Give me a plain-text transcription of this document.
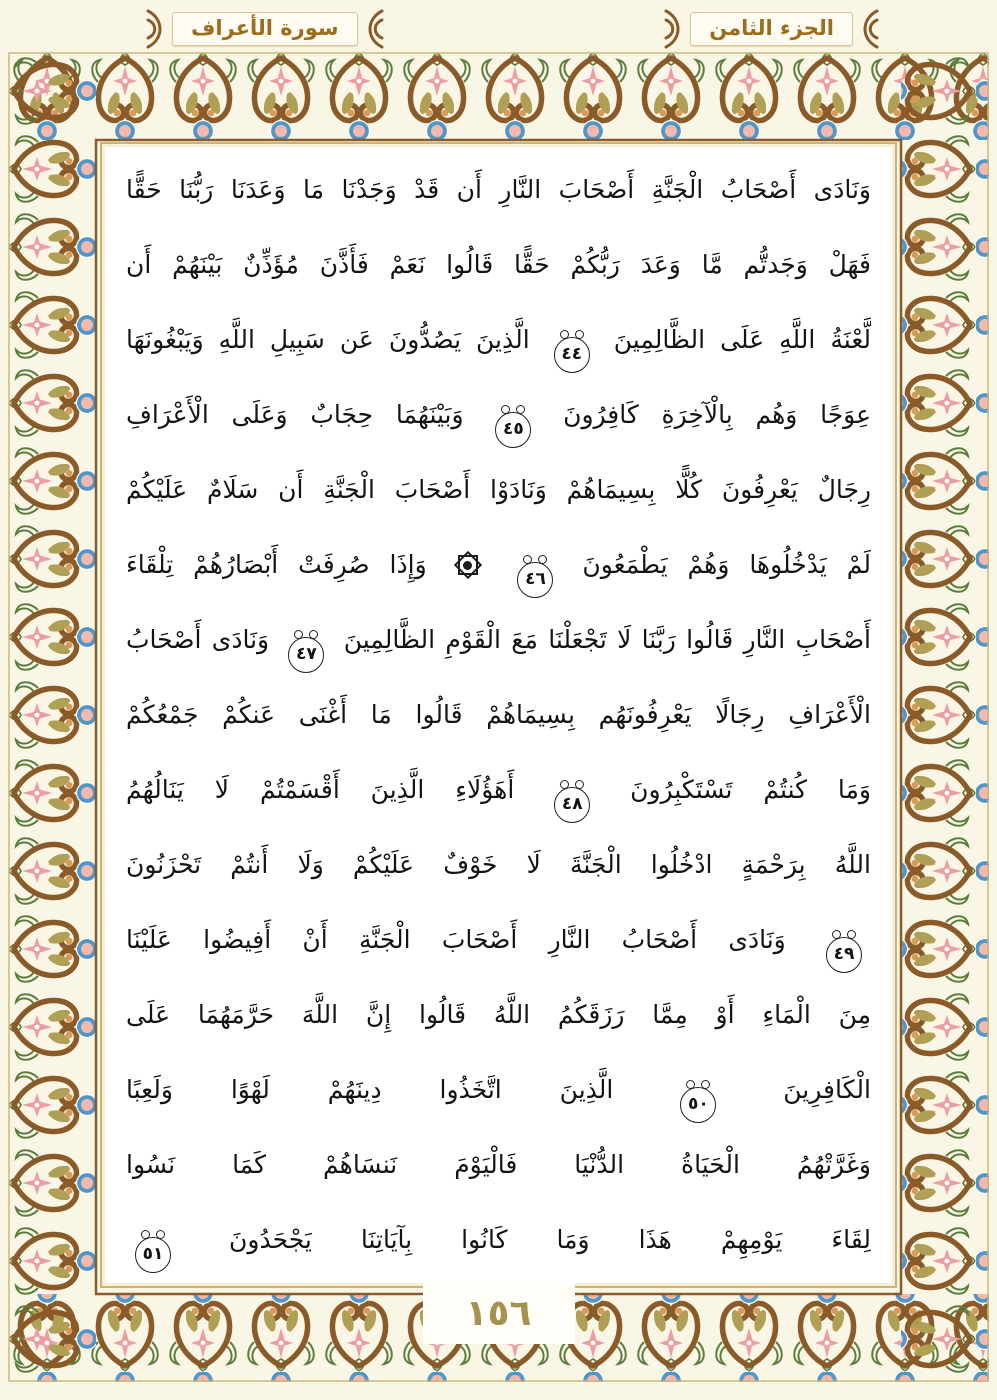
الجزء الثامن
سورة الأعراف
وَنَادَى أَصْحَابُ الْجَنَّةِ أَصْحَابَ النَّارِ أَن قَدْ وَجَدْنَا مَا وَعَدَنَا رَبُّنَا حَقًّا
فَهَلْ وَجَدتُّم مَّا وَعَدَ رَبُّكُمْ حَقًّا قَالُوا نَعَمْ فَأَذَّنَ مُؤَذِّنٌ بَيْنَهُمْ أَن
لَّعْنَةُ اللَّهِ عَلَى الظَّالِمِينَ
٤٤
الَّذِينَ يَصُدُّونَ عَن سَبِيلِ اللَّهِ وَيَبْغُونَهَا
عِوَجًا وَهُم بِالْآخِرَةِ كَافِرُونَ
٤٥
وَبَيْنَهُمَا حِجَابٌ وَعَلَى الْأَعْرَافِ
رِجَالٌ يَعْرِفُونَ كُلًّا بِسِيمَاهُمْ وَنَادَوْا أَصْحَابَ الْجَنَّةِ أَن سَلَامٌ عَلَيْكُمْ
لَمْ يَدْخُلُوهَا وَهُمْ يَطْمَعُونَ
٤٦

وَإِذَا صُرِفَتْ أَبْصَارُهُمْ تِلْقَاءَ
أَصْحَابِ النَّارِ قَالُوا رَبَّنَا لَا تَجْعَلْنَا مَعَ الْقَوْمِ الظَّالِمِينَ
٤٧
وَنَادَى أَصْحَابُ
الْأَعْرَافِ رِجَالًا يَعْرِفُونَهُم بِسِيمَاهُمْ قَالُوا مَا أَغْنَى عَنكُمْ جَمْعُكُمْ
وَمَا كُنتُمْ تَسْتَكْبِرُونَ
٤٨
أَهَؤُلَاءِ الَّذِينَ أَقْسَمْتُمْ لَا يَنَالُهُمُ
اللَّهُ بِرَحْمَةٍ ادْخُلُوا الْجَنَّةَ لَا خَوْفٌ عَلَيْكُمْ وَلَا أَنتُمْ تَحْزَنُونَ
٤٩
وَنَادَى أَصْحَابُ النَّارِ أَصْحَابَ الْجَنَّةِ أَنْ أَفِيضُوا عَلَيْنَا
مِنَ الْمَاءِ أَوْ مِمَّا رَزَقَكُمُ اللَّهُ قَالُوا إِنَّ اللَّهَ حَرَّمَهُمَا عَلَى
الْكَافِرِينَ
٥٠
الَّذِينَ اتَّخَذُوا دِينَهُمْ لَهْوًا وَلَعِبًا
وَغَرَّتْهُمُ الْحَيَاةُ الدُّنْيَا فَالْيَوْمَ نَنسَاهُمْ كَمَا نَسُوا
لِقَاءَ يَوْمِهِمْ هَذَا وَمَا كَانُوا بِآيَاتِنَا يَجْحَدُونَ
٥١
١٥٦
